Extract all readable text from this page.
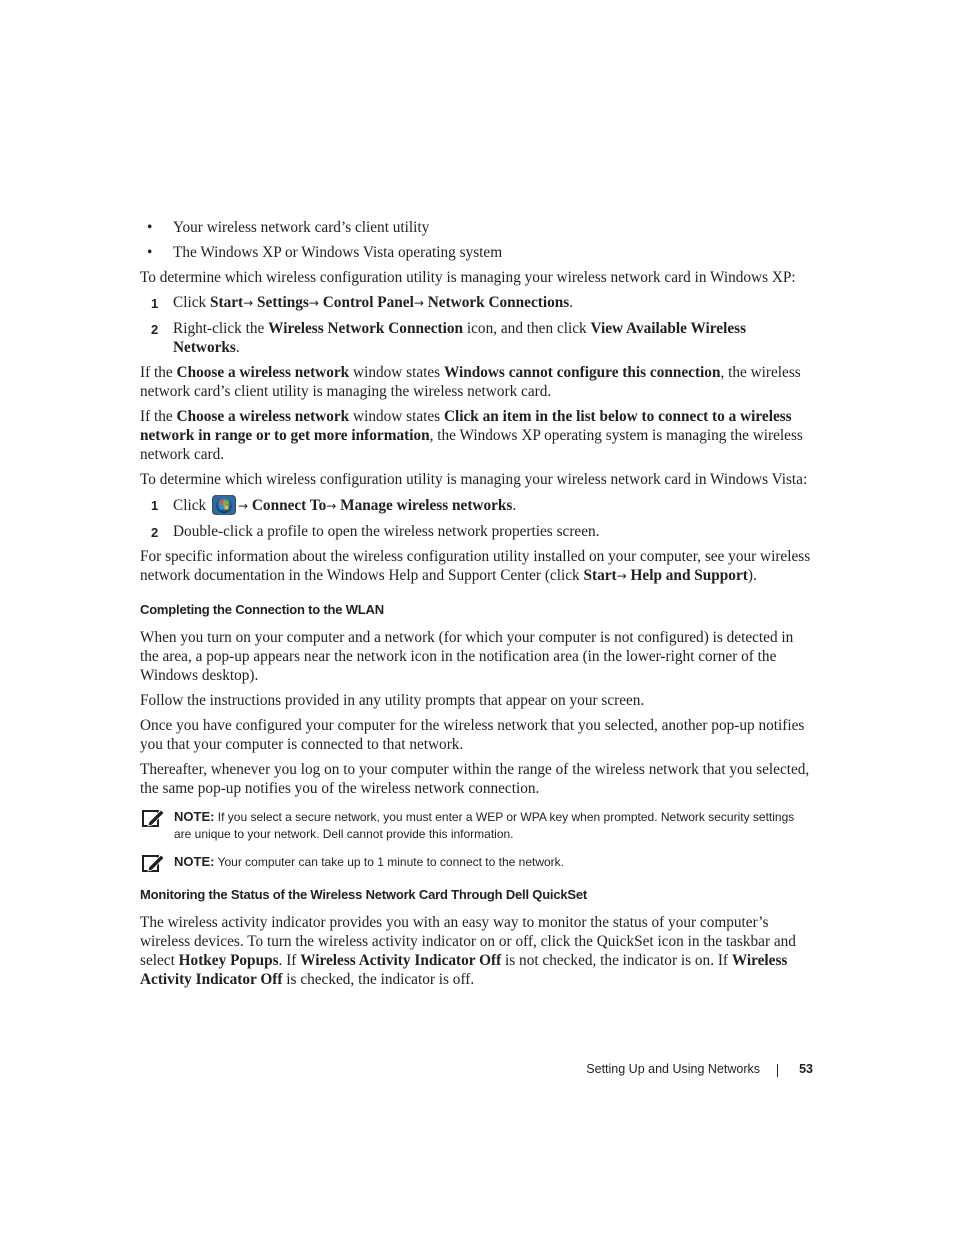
• Your wireless network card’s client utility
• The Windows XP or Windows Vista operating system

To determine which wireless configuration utility is managing your wireless network card in Windows XP:

1 Click Start→ Settings→ Control Panel→ Network Connections.
2 Right-click the Wireless Network Connection icon, and then click View Available Wireless Networks.

If the Choose a wireless network window states Windows cannot configure this connection, the wireless network card’s client utility is managing the wireless network card.

If the Choose a wireless network window states Click an item in the list below to connect to a wireless network in range or to get more information, the Windows XP operating system is managing the wireless network card.

To determine which wireless configuration utility is managing your wireless network card in Windows Vista:

1 Click	→ Connect To→ Manage wireless networks.
2 Double-click a profile to open the wireless network properties screen.

For specific information about the wireless configuration utility installed on your computer, see your wireless network documentation in the Windows Help and Support Center (click Start→ Help and Support).

Completing the Connection to the WLAN

When you turn on your computer and a network (for which your computer is not configured) is detected in the area, a pop-up appears near the network icon in the notification area (in the lower-right corner of the Windows desktop).

Follow the instructions provided in any utility prompts that appear on your screen.

Once you have configured your computer for the wireless network that you selected, another pop-up notifies you that your computer is connected to that network.

Thereafter, whenever you log on to your computer within the range of the wireless network that you selected, the same pop-up notifies you of the wireless network connection.

NOTE: If you select a secure network, you must enter a WEP or WPA key when prompted. Network security settings are unique to your network. Dell cannot provide this information.
NOTE: Your computer can take up to 1 minute to connect to the network.
Monitoring the Status of the Wireless Network Card Through Dell QuickSet

The wireless activity indicator provides you with an easy way to monitor the status of your computer’s wireless devices. To turn the wireless activity indicator on or off, click the QuickSet icon in the taskbar and select Hotkey Popups. If Wireless Activity Indicator Off is not checked, the indicator is on. If Wireless Activity Indicator Off is checked, the indicator is off.

Setting Up and Using Networks	53
